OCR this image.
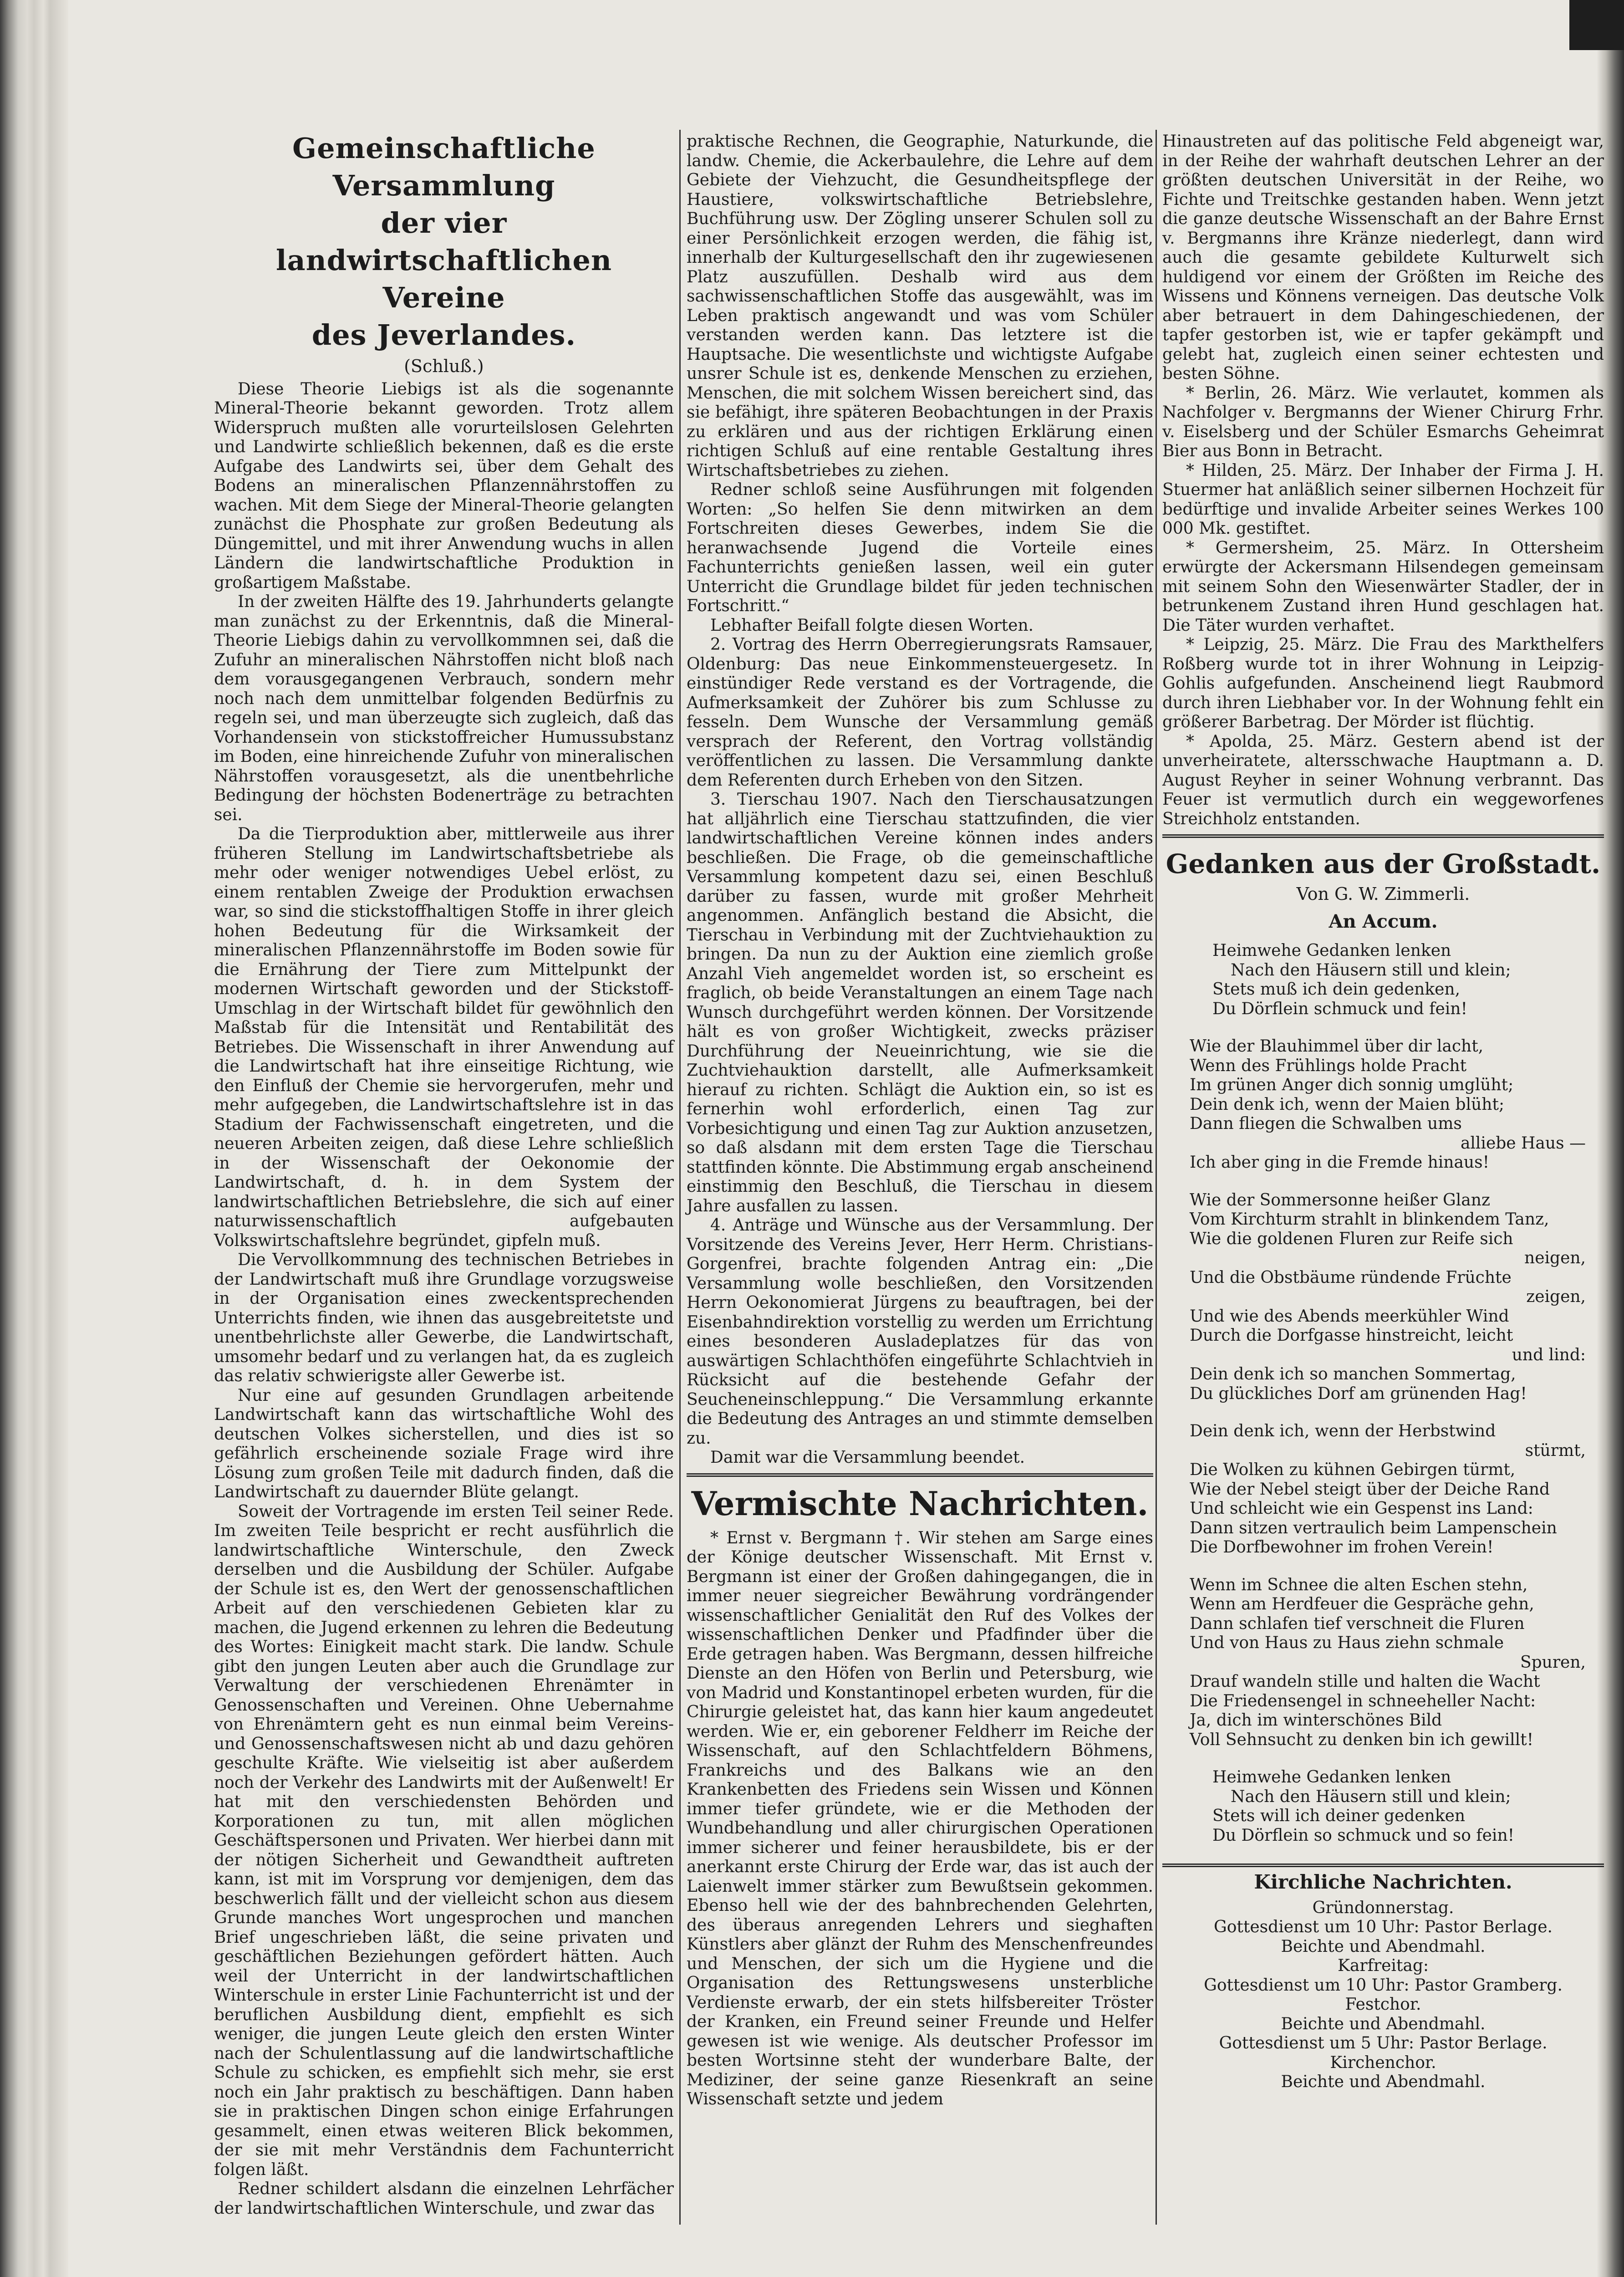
Gemeinschaftliche Versammlung
der vier landwirtschaftlichen Vereine
des Jeverlandes.
(Schluß.)

Diese Theorie Liebigs ist als die sogenannte Mineral-Theorie bekannt geworden. Trotz allem Widerspruch mußten alle vorurteilslosen Gelehrten und Landwirte schließlich bekennen, daß es die erste Aufgabe des Landwirts sei, über dem Gehalt des Bodens an mineralischen Pflanzennährstoffen zu wachen. Mit dem Siege der Mineral-Theorie gelangten zunächst die Phosphate zur großen Bedeutung als Düngemittel, und mit ihrer Anwendung wuchs in allen Ländern die landwirtschaftliche Produktion in großartigem Maßstabe.

In der zweiten Hälfte des 19. Jahrhunderts gelangte man zunächst zu der Erkenntnis, daß die Mineral-Theorie Liebigs dahin zu vervollkommnen sei, daß die Zufuhr an mineralischen Nährstoffen nicht bloß nach dem vorausgegangenen Verbrauch, sondern mehr noch nach dem unmittelbar folgenden Bedürfnis zu regeln sei, und man überzeugte sich zugleich, daß das Vorhandensein von stickstoffreicher Humussubstanz im Boden, eine hinreichende Zufuhr von mineralischen Nährstoffen vorausgesetzt, als die unentbehrliche Bedingung der höchsten Bodenerträge zu betrachten sei.

Da die Tierproduktion aber, mittlerweile aus ihrer früheren Stellung im Landwirtschaftsbetriebe als mehr oder weniger notwendiges Uebel erlöst, zu einem rentablen Zweige der Produktion erwachsen war, so sind die stickstoffhaltigen Stoffe in ihrer gleich hohen Bedeutung für die Wirksamkeit der mineralischen Pflanzennährstoffe im Boden sowie für die Ernährung der Tiere zum Mittelpunkt der modernen Wirtschaft geworden und der Stickstoff-Umschlag in der Wirtschaft bildet für gewöhnlich den Maßstab für die Intensität und Rentabilität des Betriebes. Die Wissenschaft in ihrer Anwendung auf die Landwirtschaft hat ihre einseitige Richtung, wie den Einfluß der Chemie sie hervorgerufen, mehr und mehr aufgegeben, die Landwirtschaftslehre ist in das Stadium der Fachwissenschaft eingetreten, und die neueren Arbeiten zeigen, daß diese Lehre schließlich in der Wissenschaft der Oekonomie der Landwirtschaft, d. h. in dem System der landwirtschaftlichen Betriebslehre, die sich auf einer naturwissenschaftlich aufgebauten Volkswirtschaftslehre begründet, gipfeln muß.

Die Vervollkommnung des technischen Betriebes in der Landwirtschaft muß ihre Grundlage vorzugsweise in der Organisation eines zweckentsprechenden Unterrichts finden, wie ihnen das ausgebreitetste und unentbehrlichste aller Gewerbe, die Landwirtschaft, umsomehr bedarf und zu verlangen hat, da es zugleich das relativ schwierigste aller Gewerbe ist.

Nur eine auf gesunden Grundlagen arbeitende Landwirtschaft kann das wirtschaftliche Wohl des deutschen Volkes sicherstellen, und dies ist so gefährlich erscheinende soziale Frage wird ihre Lösung zum großen Teile mit dadurch finden, daß die Landwirtschaft zu dauernder Blüte gelangt.

Soweit der Vortragende im ersten Teil seiner Rede. Im zweiten Teile bespricht er recht ausführlich die landwirtschaftliche Winterschule, den Zweck derselben und die Ausbildung der Schüler. Aufgabe der Schule ist es, den Wert der genossenschaftlichen Arbeit auf den verschiedenen Gebieten klar zu machen, die Jugend erkennen zu lehren die Bedeutung des Wortes: Einigkeit macht stark. Die landw. Schule gibt den jungen Leuten aber auch die Grundlage zur Verwaltung der verschiedenen Ehrenämter in Genossenschaften und Vereinen. Ohne Uebernahme von Ehrenämtern geht es nun einmal beim Vereins- und Genossenschaftswesen nicht ab und dazu gehören geschulte Kräfte. Wie vielseitig ist aber außerdem noch der Verkehr des Landwirts mit der Außenwelt! Er hat mit den verschiedensten Behörden und Korporationen zu tun, mit allen möglichen Geschäftspersonen und Privaten. Wer hierbei dann mit der nötigen Sicherheit und Gewandtheit auftreten kann, ist mit im Vorsprung vor demjenigen, dem das beschwerlich fällt und der vielleicht schon aus diesem Grunde manches Wort ungesprochen und manchen Brief ungeschrieben läßt, die seine privaten und geschäftlichen Beziehungen gefördert hätten. Auch weil der Unterricht in der landwirtschaftlichen Winterschule in erster Linie Fachunterricht ist und der beruflichen Ausbildung dient, empfiehlt es sich weniger, die jungen Leute gleich den ersten Winter nach der Schulentlassung auf die landwirtschaftliche Schule zu schicken, es empfiehlt sich mehr, sie erst noch ein Jahr praktisch zu beschäftigen. Dann haben sie in praktischen Dingen schon einige Erfahrungen gesammelt, einen etwas weiteren Blick bekommen, der sie mit mehr Verständnis dem Fachunterricht folgen läßt.

Redner schildert alsdann die einzelnen Lehrfächer der landwirtschaftlichen Winterschule, und zwar das

praktische Rechnen, die Geographie, Naturkunde, die landw. Chemie, die Ackerbaulehre, die Lehre auf dem Gebiete der Viehzucht, die Gesundheitspflege der Haustiere, volkswirtschaftliche Betriebslehre, Buchführung usw. Der Zögling unserer Schulen soll zu einer Persönlichkeit erzogen werden, die fähig ist, innerhalb der Kulturgesellschaft den ihr zugewiesenen Platz auszufüllen. Deshalb wird aus dem sachwissenschaftlichen Stoffe das ausgewählt, was im Leben praktisch angewandt und was vom Schüler verstanden werden kann. Das letztere ist die Hauptsache. Die wesentlichste und wichtigste Aufgabe unsrer Schule ist es, denkende Menschen zu erziehen, Menschen, die mit solchem Wissen bereichert sind, das sie befähigt, ihre späteren Beobachtungen in der Praxis zu erklären und aus der richtigen Erklärung einen richtigen Schluß auf eine rentable Gestaltung ihres Wirtschaftsbetriebes zu ziehen.

Redner schloß seine Ausführungen mit folgenden Worten: „So helfen Sie denn mitwirken an dem Fortschreiten dieses Gewerbes, indem Sie die heranwachsende Jugend die Vorteile eines Fachunterrichts genießen lassen, weil ein guter Unterricht die Grundlage bildet für jeden technischen Fortschritt.“

Lebhafter Beifall folgte diesen Worten.

2. Vortrag des Herrn Oberregierungsrats Ramsauer, Oldenburg: Das neue Einkommensteuergesetz. In einstündiger Rede verstand es der Vortragende, die Aufmerksamkeit der Zuhörer bis zum Schlusse zu fesseln. Dem Wunsche der Versammlung gemäß versprach der Referent, den Vortrag vollständig veröffentlichen zu lassen. Die Versammlung dankte dem Referenten durch Erheben von den Sitzen.

3. Tierschau 1907. Nach den Tierschausatzungen hat alljährlich eine Tierschau stattzufinden, die vier landwirtschaftlichen Vereine können indes anders beschließen. Die Frage, ob die gemeinschaftliche Versammlung kompetent dazu sei, einen Beschluß darüber zu fassen, wurde mit großer Mehrheit angenommen. Anfänglich bestand die Absicht, die Tierschau in Verbindung mit der Zuchtviehauktion zu bringen. Da nun zu der Auktion eine ziemlich große Anzahl Vieh angemeldet worden ist, so erscheint es fraglich, ob beide Veranstaltungen an einem Tage nach Wunsch durchgeführt werden können. Der Vorsitzende hält es von großer Wichtigkeit, zwecks präziser Durchführung der Neueinrichtung, wie sie die Zuchtviehauktion darstellt, alle Aufmerksamkeit hierauf zu richten. Schlägt die Auktion ein, so ist es fernerhin wohl erforderlich, einen Tag zur Vorbesichtigung und einen Tag zur Auktion anzusetzen, so daß alsdann mit dem ersten Tage die Tierschau stattfinden könnte. Die Abstimmung ergab anscheinend einstimmig den Beschluß, die Tierschau in diesem Jahre ausfallen zu lassen.

4. Anträge und Wünsche aus der Versammlung. Der Vorsitzende des Vereins Jever, Herr Herm. Christians-Gorgenfrei, brachte folgenden Antrag ein: „Die Versammlung wolle beschließen, den Vorsitzenden Herrn Oekonomierat Jürgens zu beauftragen, bei der Eisenbahndirektion vorstellig zu werden um Errichtung eines besonderen Ausladeplatzes für das von auswärtigen Schlachthöfen eingeführte Schlachtvieh in Rücksicht auf die bestehende Gefahr der Seucheneinschleppung.“ Die Versammlung erkannte die Bedeutung des Antrages an und stimmte demselben zu.

Damit war die Versammlung beendet.

Vermischte Nachrichten.

* Ernst v. Bergmann †. Wir stehen am Sarge eines der Könige deutscher Wissenschaft. Mit Ernst v. Bergmann ist einer der Großen dahingegangen, die in immer neuer siegreicher Bewährung vordrängender wissenschaftlicher Genialität den Ruf des Volkes der wissenschaftlichen Denker und Pfadfinder über die Erde getragen haben. Was Bergmann, dessen hilfreiche Dienste an den Höfen von Berlin und Petersburg, wie von Madrid und Konstantinopel erbeten wurden, für die Chirurgie geleistet hat, das kann hier kaum angedeutet werden. Wie er, ein geborener Feldherr im Reiche der Wissenschaft, auf den Schlachtfeldern Böhmens, Frankreichs und des Balkans wie an den Krankenbetten des Friedens sein Wissen und Können immer tiefer gründete, wie er die Methoden der Wundbehandlung und aller chirurgischen Operationen immer sicherer und feiner herausbildete, bis er der anerkannt erste Chirurg der Erde war, das ist auch der Laienwelt immer stärker zum Bewußtsein gekommen. Ebenso hell wie der des bahnbrechenden Gelehrten, des überaus anregenden Lehrers und sieghaften Künstlers aber glänzt der Ruhm des Menschenfreundes und Menschen, der sich um die Hygiene und die Organisation des Rettungswesens unsterbliche Verdienste erwarb, der ein stets hilfsbereiter Tröster der Kranken, ein Freund seiner Freunde und Helfer gewesen ist wie wenige. Als deutscher Professor im besten Wortsinne steht der wunderbare Balte, der Mediziner, der seine ganze Riesenkraft an seine Wissenschaft setzte und jedem

Hinaustreten auf das politische Feld abgeneigt war, in der Reihe der wahrhaft deutschen Lehrer an der größten deutschen Universität in der Reihe, wo Fichte und Treitschke gestanden haben. Wenn jetzt die ganze deutsche Wissenschaft an der Bahre Ernst v. Bergmanns ihre Kränze niederlegt, dann wird auch die gesamte gebildete Kulturwelt sich huldigend vor einem der Größten im Reiche des Wissens und Könnens verneigen. Das deutsche Volk aber betrauert in dem Dahingeschiedenen, der tapfer gestorben ist, wie er tapfer gekämpft und gelebt hat, zugleich einen seiner echtesten und besten Söhne.

* Berlin, 26. März. Wie verlautet, kommen als Nachfolger v. Bergmanns der Wiener Chirurg Frhr. v. Eiselsberg und der Schüler Esmarchs Geheimrat Bier aus Bonn in Betracht.

* Hilden, 25. März. Der Inhaber der Firma J. H. Stuermer hat anläßlich seiner silbernen Hochzeit für bedürftige und invalide Arbeiter seines Werkes 100 000 Mk. gestiftet.

* Germersheim, 25. März. In Ottersheim erwürgte der Ackersmann Hilsendegen gemeinsam mit seinem Sohn den Wiesenwärter Stadler, der in betrunkenem Zustand ihren Hund geschlagen hat. Die Täter wurden verhaftet.

* Leipzig, 25. März. Die Frau des Markthelfers Roßberg wurde tot in ihrer Wohnung in Leipzig-Gohlis aufgefunden. Anscheinend liegt Raubmord durch ihren Liebhaber vor. In der Wohnung fehlt ein größerer Barbetrag. Der Mörder ist flüchtig.

* Apolda, 25. März. Gestern abend ist der unverheiratete, altersschwache Hauptmann a. D. August Reyher in seiner Wohnung verbrannt. Das Feuer ist vermutlich durch ein weggeworfenes Streichholz entstanden.

Gedanken aus der Großstadt.
Von G. W. Zimmerli.
An Accum.
Heimwehe Gedanken lenken
Nach den Häusern still und klein;
Stets muß ich dein gedenken,
Du Dörflein schmuck und fein!
Wie der Blauhimmel über dir lacht,
Wenn des Frühlings holde Pracht
Im grünen Anger dich sonnig umglüht;
Dein denk ich, wenn der Maien blüht;
Dann fliegen die Schwalben ums
alliebe Haus —
Ich aber ging in die Fremde hinaus!
Wie der Sommersonne heißer Glanz
Vom Kirchturm strahlt in blinkendem Tanz,
Wie die goldenen Fluren zur Reife sich
neigen,
Und die Obstbäume ründende Früchte
zeigen,
Und wie des Abends meerkühler Wind
Durch die Dorfgasse hinstreicht, leicht
und lind:
Dein denk ich so manchen Sommertag,
Du glückliches Dorf am grünenden Hag!
Dein denk ich, wenn der Herbstwind
stürmt,
Die Wolken zu kühnen Gebirgen türmt,
Wie der Nebel steigt über der Deiche Rand
Und schleicht wie ein Gespenst ins Land:
Dann sitzen vertraulich beim Lampenschein
Die Dorfbewohner im frohen Verein!
Wenn im Schnee die alten Eschen stehn,
Wenn am Herdfeuer die Gespräche gehn,
Dann schlafen tief verschneit die Fluren
Und von Haus zu Haus ziehn schmale
Spuren,
Drauf wandeln stille und halten die Wacht
Die Friedensengel in schneeheller Nacht:
Ja, dich im winterschönes Bild
Voll Sehnsucht zu denken bin ich gewillt!
Heimwehe Gedanken lenken
Nach den Häusern still und klein;
Stets will ich deiner gedenken
Du Dörflein so schmuck und so fein!
Kirchliche Nachrichten.
Gründonnerstag.
Gottesdienst um 10 Uhr: Pastor Berlage.
Beichte und Abendmahl.
Karfreitag:
Gottesdienst um 10 Uhr: Pastor Gramberg.
Festchor.
Beichte und Abendmahl.
Gottesdienst um 5 Uhr: Pastor Berlage.
Kirchenchor.
Beichte und Abendmahl.
